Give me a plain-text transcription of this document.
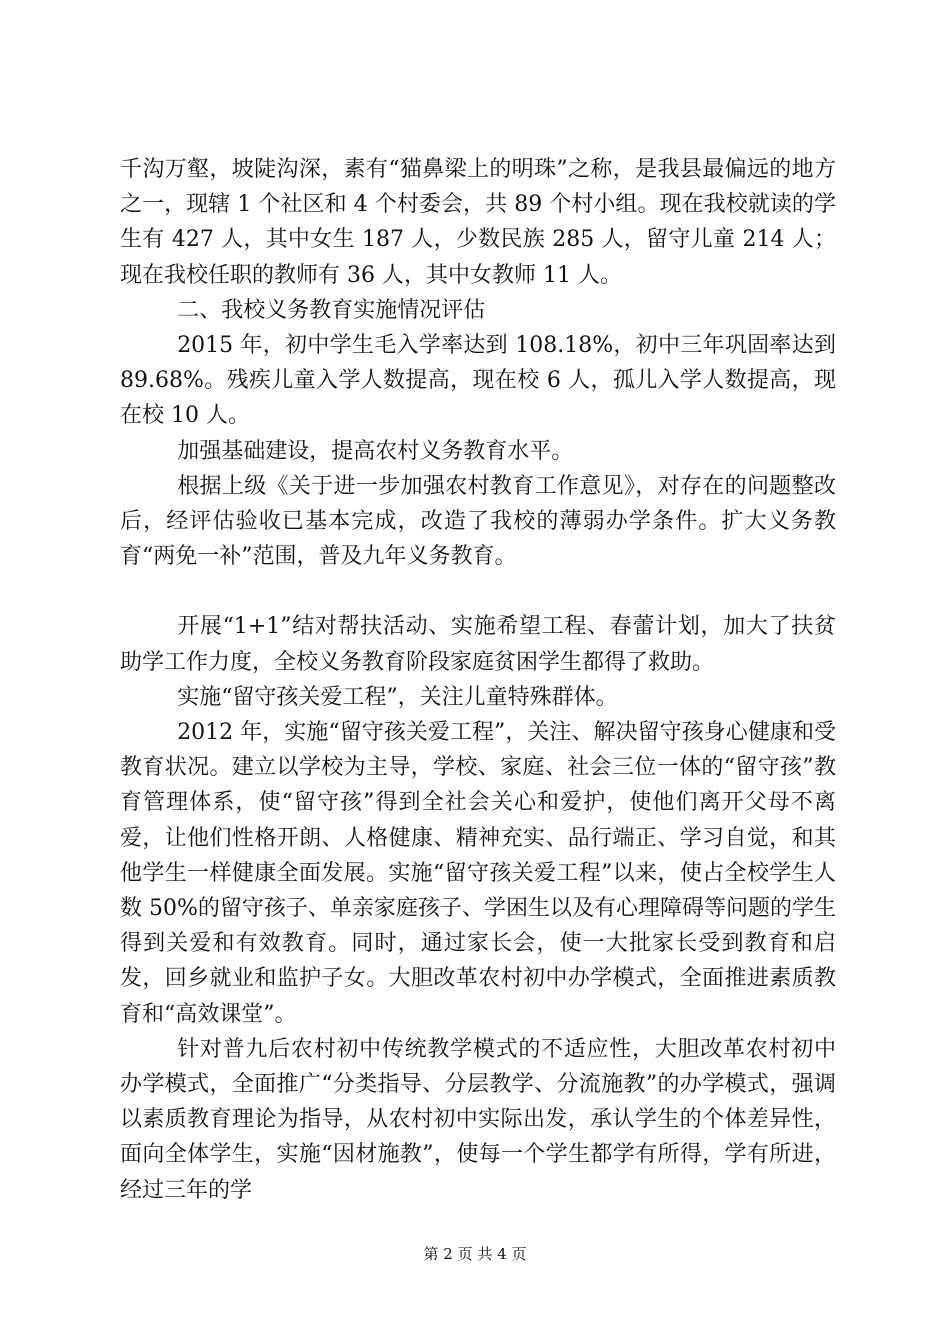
千沟万壑，坡陡沟深，素有“猫鼻梁上的明珠”之称，是我县最偏远的地方之一，现辖 1 个社区和 4 个村委会，共 89 个村小组。现在我校就读的学生有 427 人，其中女生 187 人，少数民族 285 人，留守儿童 214 人；现在我校任职的教师有 36 人，其中女教师 11 人。

二、我校义务教育实施情况评估

2015 年，初中学生毛入学率达到 108.18%，初中三年巩固率达到 89.68%。残疾儿童入学人数提高，现在校 6 人，孤儿入学人数提高，现在校 10 人。

加强基础建设，提高农村义务教育水平。

根据上级《关于进一步加强农村教育工作意见》，对存在的问题整改后，经评估验收已基本完成，改造了我校的薄弱办学条件。扩大义务教育“两免一补”范围，普及九年义务教育。

开展“1+1”结对帮扶活动、实施希望工程、春蕾计划，加大了扶贫助学工作力度，全校义务教育阶段家庭贫困学生都得了救助。

实施“留守孩关爱工程”，关注儿童特殊群体。

2012 年，实施“留守孩关爱工程”，关注、解决留守孩身心健康和受教育状况。建立以学校为主导，学校、家庭、社会三位一体的“留守孩”教育管理体系，使“留守孩”得到全社会关心和爱护，使他们离开父母不离爱，让他们性格开朗、人格健康、精神充实、品行端正、学习自觉，和其他学生一样健康全面发展。实施“留守孩关爱工程”以来，使占全校学生人数 50%的留守孩子、单亲家庭孩子、学困生以及有心理障碍等问题的学生得到关爱和有效教育。同时，通过家长会，使一大批家长受到教育和启发，回乡就业和监护子女。大胆改革农村初中办学模式，全面推进素质教育和“高效课堂”。

针对普九后农村初中传统教学模式的不适应性，大胆改革农村初中办学模式，全面推广“分类指导、分层教学、分流施教”的办学模式，强调以素质教育理论为指导，从农村初中实际出发，承认学生的个体差异性，面向全体学生，实施“因材施教”，使每一个学生都学有所得，学有所进，经过三年的学

第 2 页 共 4 页
